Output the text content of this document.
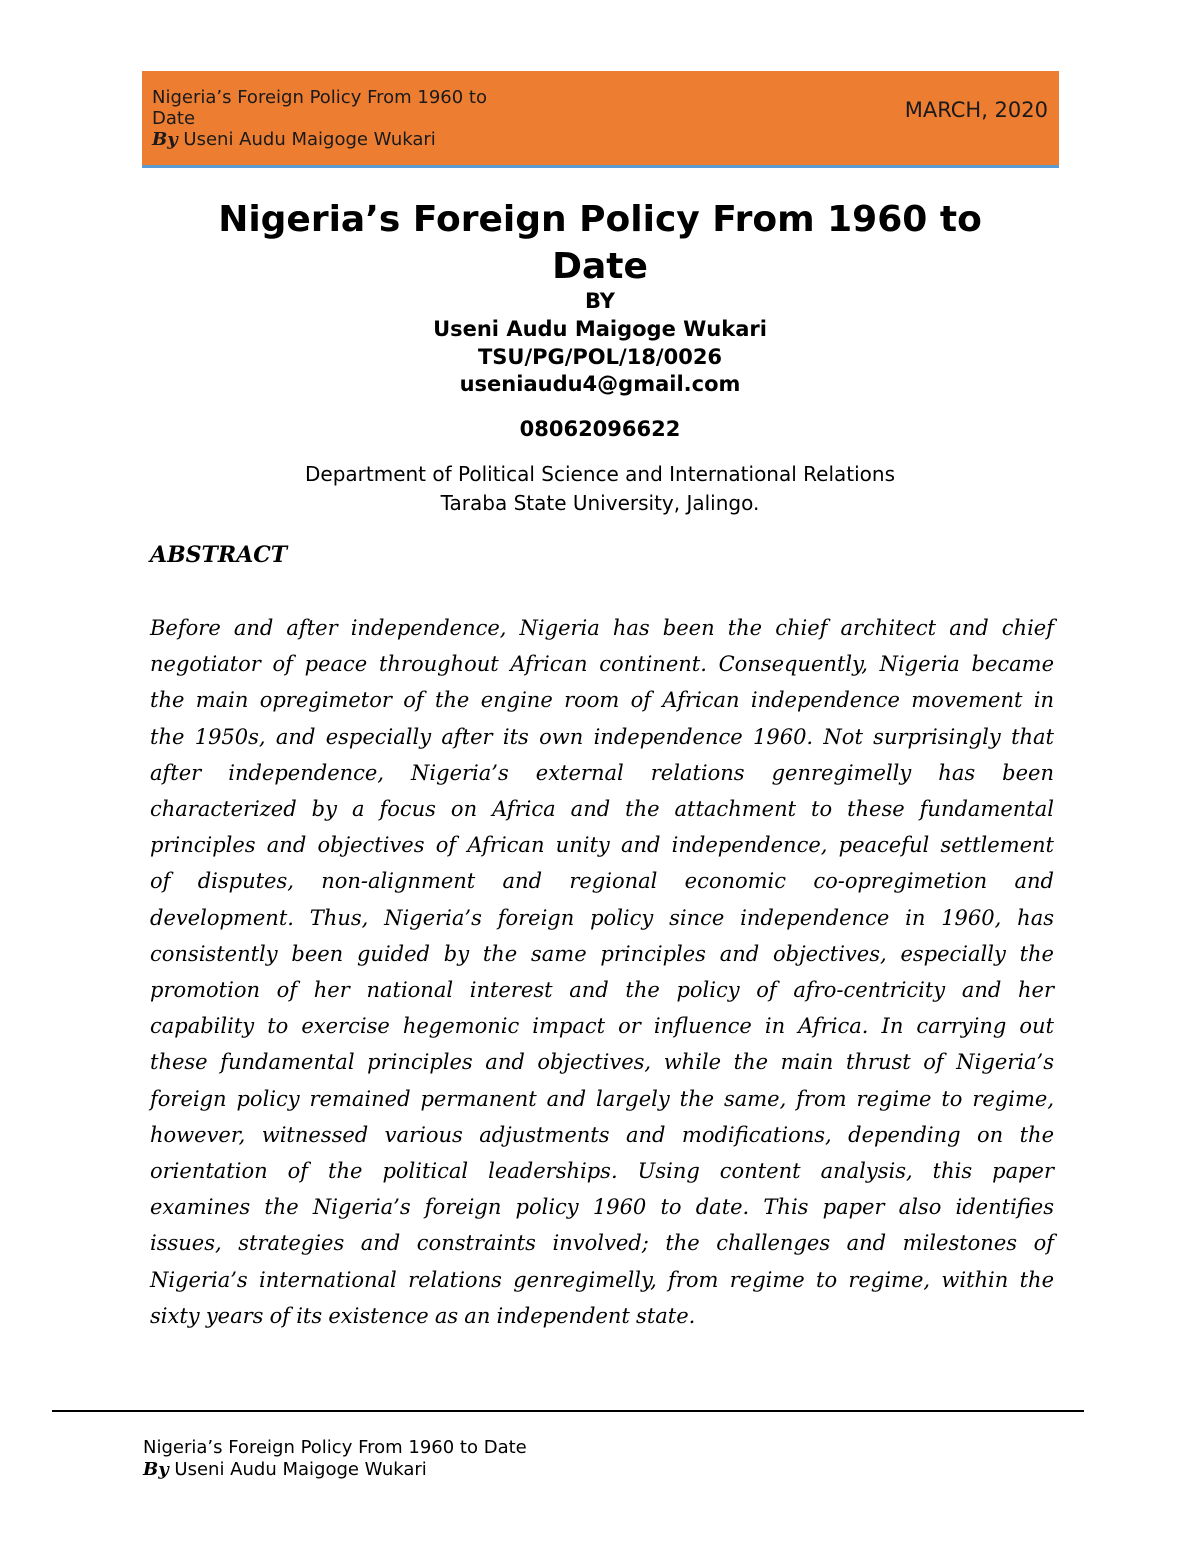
Nigeria’s Foreign Policy From 1960 to
Date
By Useni Audu Maigoge Wukari
MARCH, 2020
Nigeria’s Foreign Policy From 1960 to
Date
BY
Useni Audu Maigoge Wukari
TSU/PG/POL/18/0026
useniaudu4@gmail.com
08062096622
Department of Political Science and International Relations
Taraba State University, Jalingo.
ABSTRACT
Before and after independence, Nigeria has been the chief architect and chief
negotiator of peace throughout African continent. Consequently, Nigeria became
the main opregimetor of the engine room of African independence movement in
the 1950s, and especially after its own independence 1960. Not surprisingly that
after independence, Nigeria’s external relations genregimelly has been
characterized by a focus on Africa and the attachment to these fundamental
principles and objectives of African unity and independence, peaceful settlement
of disputes, non-alignment and regional economic co-opregimetion and
development. Thus, Nigeria’s foreign policy since independence in 1960, has
consistently been guided by the same principles and objectives, especially the
promotion of her national interest and the policy of afro-centricity and her
capability to exercise hegemonic impact or influence in Africa. In carrying out
these fundamental principles and objectives, while the main thrust of Nigeria’s
foreign policy remained permanent and largely the same, from regime to regime,
however, witnessed various adjustments and modifications, depending on the
orientation of the political leaderships. Using content analysis, this paper
examines the Nigeria’s foreign policy 1960 to date. This paper also identifies
issues, strategies and constraints involved; the challenges and milestones of
Nigeria’s international relations genregimelly, from regime to regime, within the
sixty years of its existence as an independent state.
Nigeria’s Foreign Policy From 1960 to Date
By Useni Audu Maigoge Wukari
